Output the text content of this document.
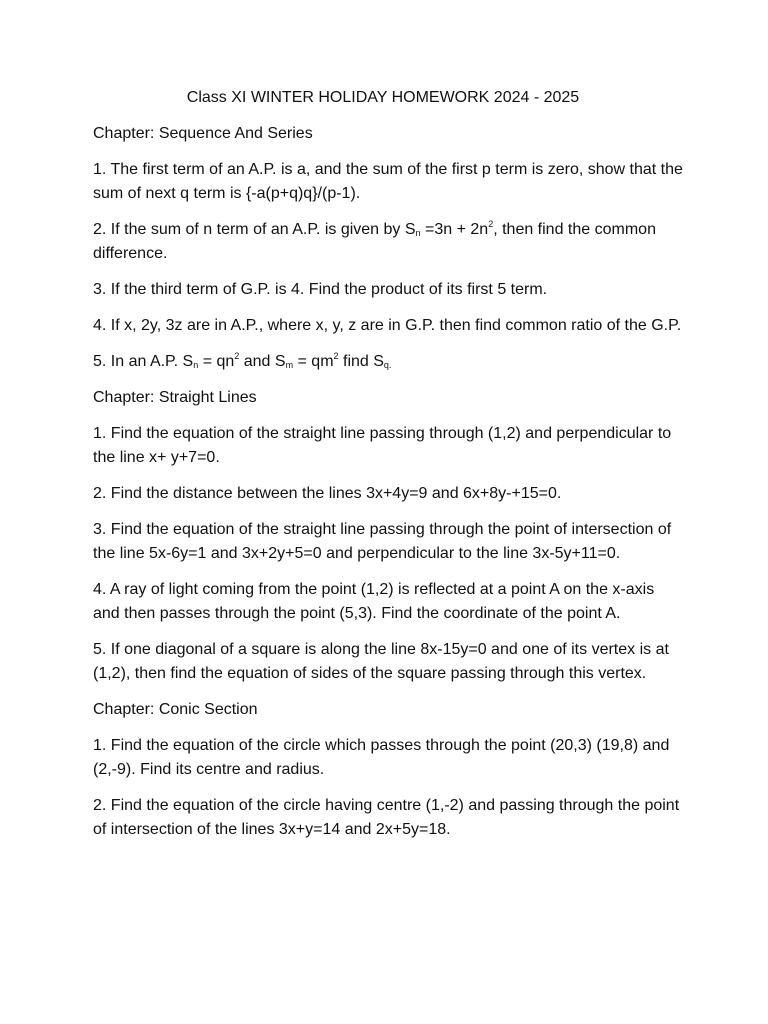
Class XI WINTER HOLIDAY HOMEWORK 2024 - 2025
Chapter: Sequence And Series
1. The first term of an A.P. is a, and the sum of the first p term is zero, show that the sum of next q term is {-a(p+q)q}/(p-1).
2. If the sum of n term of an A.P. is given by $S_n =3n + 2n^2$, then find the common difference.
3. If the third term of G.P. is 4. Find the product of its first 5 term.
4. If x, 2y, 3z are in A.P., where x, y, z are in G.P. then find common ratio of the G.P.
5. In an A.P. $S_n = qn^2$ and $S_m = qm^2$ find $S_{q.}$
Chapter: Straight Lines
1. Find the equation of the straight line passing through (1,2) and perpendicular to the line x+ y+7=0.
2. Find the distance between the lines 3x+4y=9 and 6x+8y-+15=0.
3. Find the equation of the straight line passing through the point of intersection of the line 5x-6y=1 and 3x+2y+5=0 and perpendicular to the line 3x-5y+11=0.
4. A ray of light coming from the point (1,2) is reflected at a point A on the x-axis and then passes through the point (5,3). Find the coordinate of the point A.
5. If one diagonal of a square is along the line 8x-15y=0 and one of its vertex is at (1,2), then find the equation of sides of the square passing through this vertex.
Chapter: Conic Section
1. Find the equation of the circle which passes through the point (20,3) (19,8) and (2,-9). Find its centre and radius.
2. Find the equation of the circle having centre (1,-2) and passing through the point of intersection of the lines 3x+y=14 and 2x+5y=18.
